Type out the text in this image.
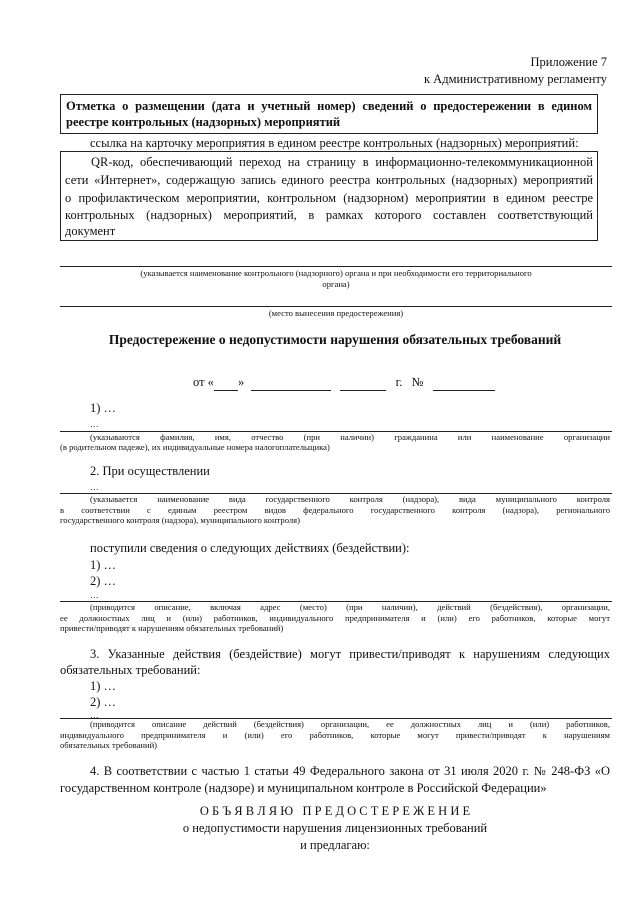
Приложение 7
к Административному регламенту
Отметка о размещении (дата и учетный номер) сведений о предостережении в едином
реестре контрольных (надзорных) мероприятий
ссылка на карточку мероприятия в едином реестре контрольных (надзорных) мероприятий:
QR-код, обеспечивающий переход на страницу в информационно-телекоммуникационной
сети «Интернет», содержащую запись единого реестра контрольных (надзорных) мероприятий
о профилактическом мероприятии, контрольном (надзорном) мероприятии в едином реестре
контрольных (надзорных) мероприятий, в рамках которого составлен соответствующий
документ
(указывается наименование контрольного (надзорного) органа и при необходимости его территориального
органа)
(место вынесения предостережения)
Предостережение о недопустимости нарушения обязательных требований
от « »	г. №
1) …
…
(указываются фамилия, имя, отчество (при наличии) гражданина или наименование организации
(в родительном падеже), их индивидуальные номера налогоплательщика)
2. При осуществлении
…
(указывается наименование вида государственного контроля (надзора), вида муниципального контроля
в соответствии с единым реестром видов федерального государственного контроля (надзора), регионального
государственного контроля (надзора), муниципального контроля)
поступили сведения о следующих действиях (бездействии):
1) …
2) …
…
(приводится описание, включая адрес (место) (при наличии), действий (бездействия), организации,
ее должностных лиц и (или) работников, индивидуального предпринимателя и (или) его работников, которые могут
привести/приводят к нарушениям обязательных требований)
3. Указанные действия (бездействие) могут привести/приводят к нарушениям следующих
обязательных требований:
1) …
2) …
…
(приводится описание действий (бездействия) организации, ее должностных лиц и (или) работников,
индивидуального предпринимателя и (или) его работников, которые могут привести/приводят к нарушениям
обязательных требований)
4. В соответствии с частью 1 статьи 49 Федерального закона от 31 июля 2020 г. № 248-ФЗ «О
государственном контроле (надзоре) и муниципальном контроле в Российской Федерации»
О Б Ъ Я В Л Я Ю   П Р Е Д О С Т Е Р Е Ж Е Н И Е
о недопустимости нарушения лицензионных требований
и предлагаю:
